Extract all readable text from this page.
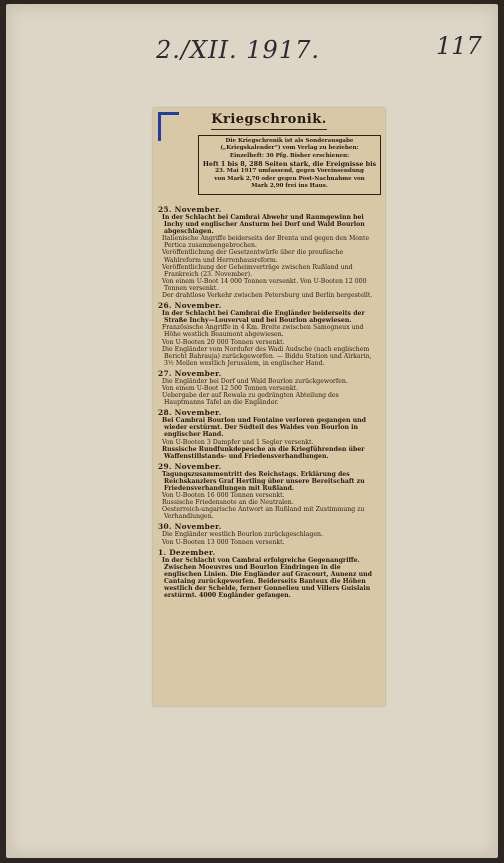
2./XII. 1917.	117
Kriegschronik.

Die Kriegschronik ist als Sonderausgabe

(„Kriegskalender“) vom Verlag zu beziehen:

Einzelheft: 30 Pfg. Bisher erschienen:

Heft 1 bis 8, 288 Seiten stark, die Ereignisse bis

23. Mai 1917 umfassend, gegen Voreinsendung

von Mark 2,70 oder gegen Post-Nachnahme von

Mark 2,90 frei ins Haus.

25. November.
In der Schlacht bei Cambrai Abwehr und Raumgewinn bei Inchy und englischer Ansturm bei Dorf und Wald Bourlon abgeschlagen.
Italienische Angriffe beiderseits der Brenta und gegen den Monte Pertica zusammengebrochen.
Veröffentlichung der Gesetzentwürfe über die preußische Wahlreform und Herrenhausreform.
Veröffentlichung der Geheimverträge zwischen Rußland und Frankreich (23. November).
Von einem U-Boot 14 000 Tonnen versenkt. Von U-Booten 12 000 Tonnen versenkt.
Der drahtlose Verkehr zwischen Petersburg und Berlin hergestellt.
26. November.
In der Schlacht bei Cambrai die Engländer beiderseits der Straße Inchy—Louverval und bei Bourlon abgewiesen.
Französische Angriffe in 4 Km. Breite zwischen Samogneux und Höhe westlich Beaumont abgewiesen.
Von U-Booten 20 000 Tonnen versenkt.
Die Engländer vom Nordufer des Wadi Audsche (nach englischem Bericht Bahrauja) zurückgeworfen. — Biddu Station und Aïrkarin, 3½ Meilen westlich Jerusalem, in englischer Hand.
27. November.
Die Engländer bei Dorf und Wald Bourlon zurückgeworfen.
Von einem U-Boot 12 500 Tonnen versenkt.
Uebergabe der auf Rewala zu gedrängten Abteilung des Hauptmanns Tafel an die Engländer.
28. November.
Bei Cambrai Bourlon und Fontaine verloren gegangen und wieder erstürmt. Der Südteil des Waldes von Bourlon in englischer Hand.
Von U-Booten 3 Dampfer und 1 Segler versenkt.
Russische Rundfunkdepesche an die Kriegführenden über Waffenstillstands- und Friedensverhandlungen.
29. November.
Tagungszusammentritt des Reichstags. Erklärung des Reichskanzlers Graf Hertling über unsere Bereitschaft zu Friedensverhandlungen mit Rußland.
Von U-Booten 16 000 Tonnen versenkt.
Russische Friedensnote an die Neutralen.
Oesterreich-ungarische Antwort an Rußland mit Zustimmung zu Verhandlungen.
30. November.
Die Engländer westlich Bourlon zurückgeschlagen.
Von U-Booten 13 000 Tonnen versenkt.
1. Dezember.
In der Schlacht von Cambrai erfolgreiche Gegenangriffe. Zwischen Moeuvres und Bourlon Eindringen in die englischen Linien. Die Engländer auf Gracourt, Aunenz und Cantaing zurückgeworfen. Beiderseits Banteux die Höhen westlich der Schelde, ferner Gonnelieu und Villers Guislain erstürmt. 4000 Engländer gefangen.
